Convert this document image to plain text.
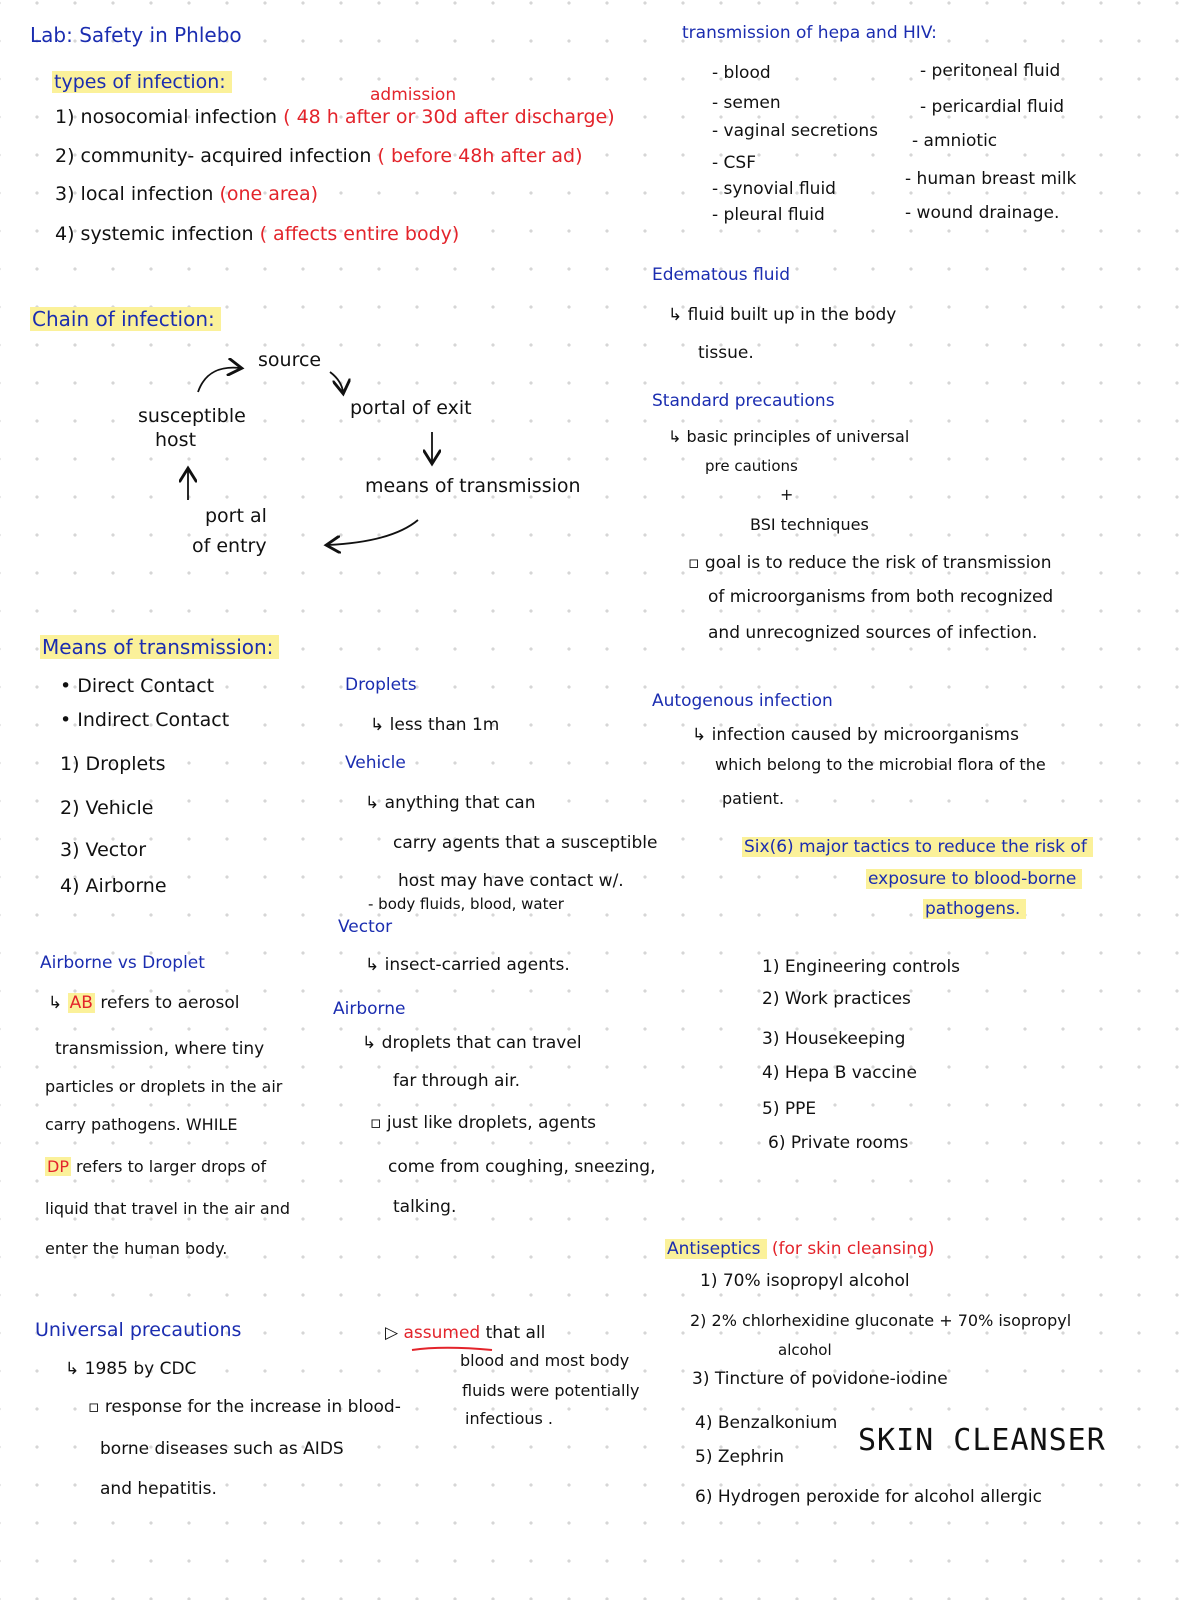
Lab: Safety in Phlebo
types of infection:
admission
1) nosocomial infection ( 48 h after or 30d after discharge)
2) community- acquired infection ( before 48h after ad)
3) local infection (one area)
4) systemic infection ( affects entire body)
Chain of infection:
source
portal of exit
means of transmission
port al
of entry
susceptible
host
Means of transmission:
• Direct Contact
• Indirect Contact
1) Droplets
2) Vehicle
3) Vector
4) Airborne
Droplets
↳ less than 1m
Vehicle
↳ anything that can
carry agents that a susceptible
host may have contact w/.
- body fluids, blood, water
Vector
↳ insect-carried agents.
Airborne
↳ droplets that can travel
far through air.
▫ just like droplets, agents
come from coughing, sneezing,
talking.
Airborne vs Droplet
↳ AB refers to aerosol
transmission, where tiny
particles or droplets in the air
carry pathogens. WHILE
DP refers to larger drops of
liquid that travel in the air and
enter the human body.
Universal precautions
↳ 1985 by CDC
▫ response for the increase in blood-
borne diseases such as AIDS
and hepatitis.
▷ assumed that all
blood and most body
fluids were potentially
infectious .
transmission of hepa and HIV:
- blood
- semen
- vaginal secretions
- CSF
- synovial fluid
- pleural fluid
- peritoneal fluid
- pericardial fluid
- amniotic
- human breast milk
- wound drainage.
Edematous fluid
↳ fluid built up in the body
tissue.
Standard precautions
↳ basic principles of universal
pre cautions
+
BSI techniques
▫ goal is to reduce the risk of transmission
of microorganisms from both recognized
and unrecognized sources of infection.
Autogenous infection
↳ infection caused by microorganisms
which belong to the microbial flora of the
patient.
Six(6) major tactics to reduce the risk of
exposure to blood-borne
pathogens.
1) Engineering controls
2) Work practices
3) Housekeeping
4) Hepa B vaccine
5) PPE
6) Private rooms
Antiseptics (for skin cleansing)
1) 70% isopropyl alcohol
2) 2% chlorhexidine gluconate + 70% isopropyl
alcohol
3) Tincture of povidone-iodine
4) Benzalkonium
5) Zephrin
6) Hydrogen peroxide for alcohol allergic
SKIN CLEANSER
